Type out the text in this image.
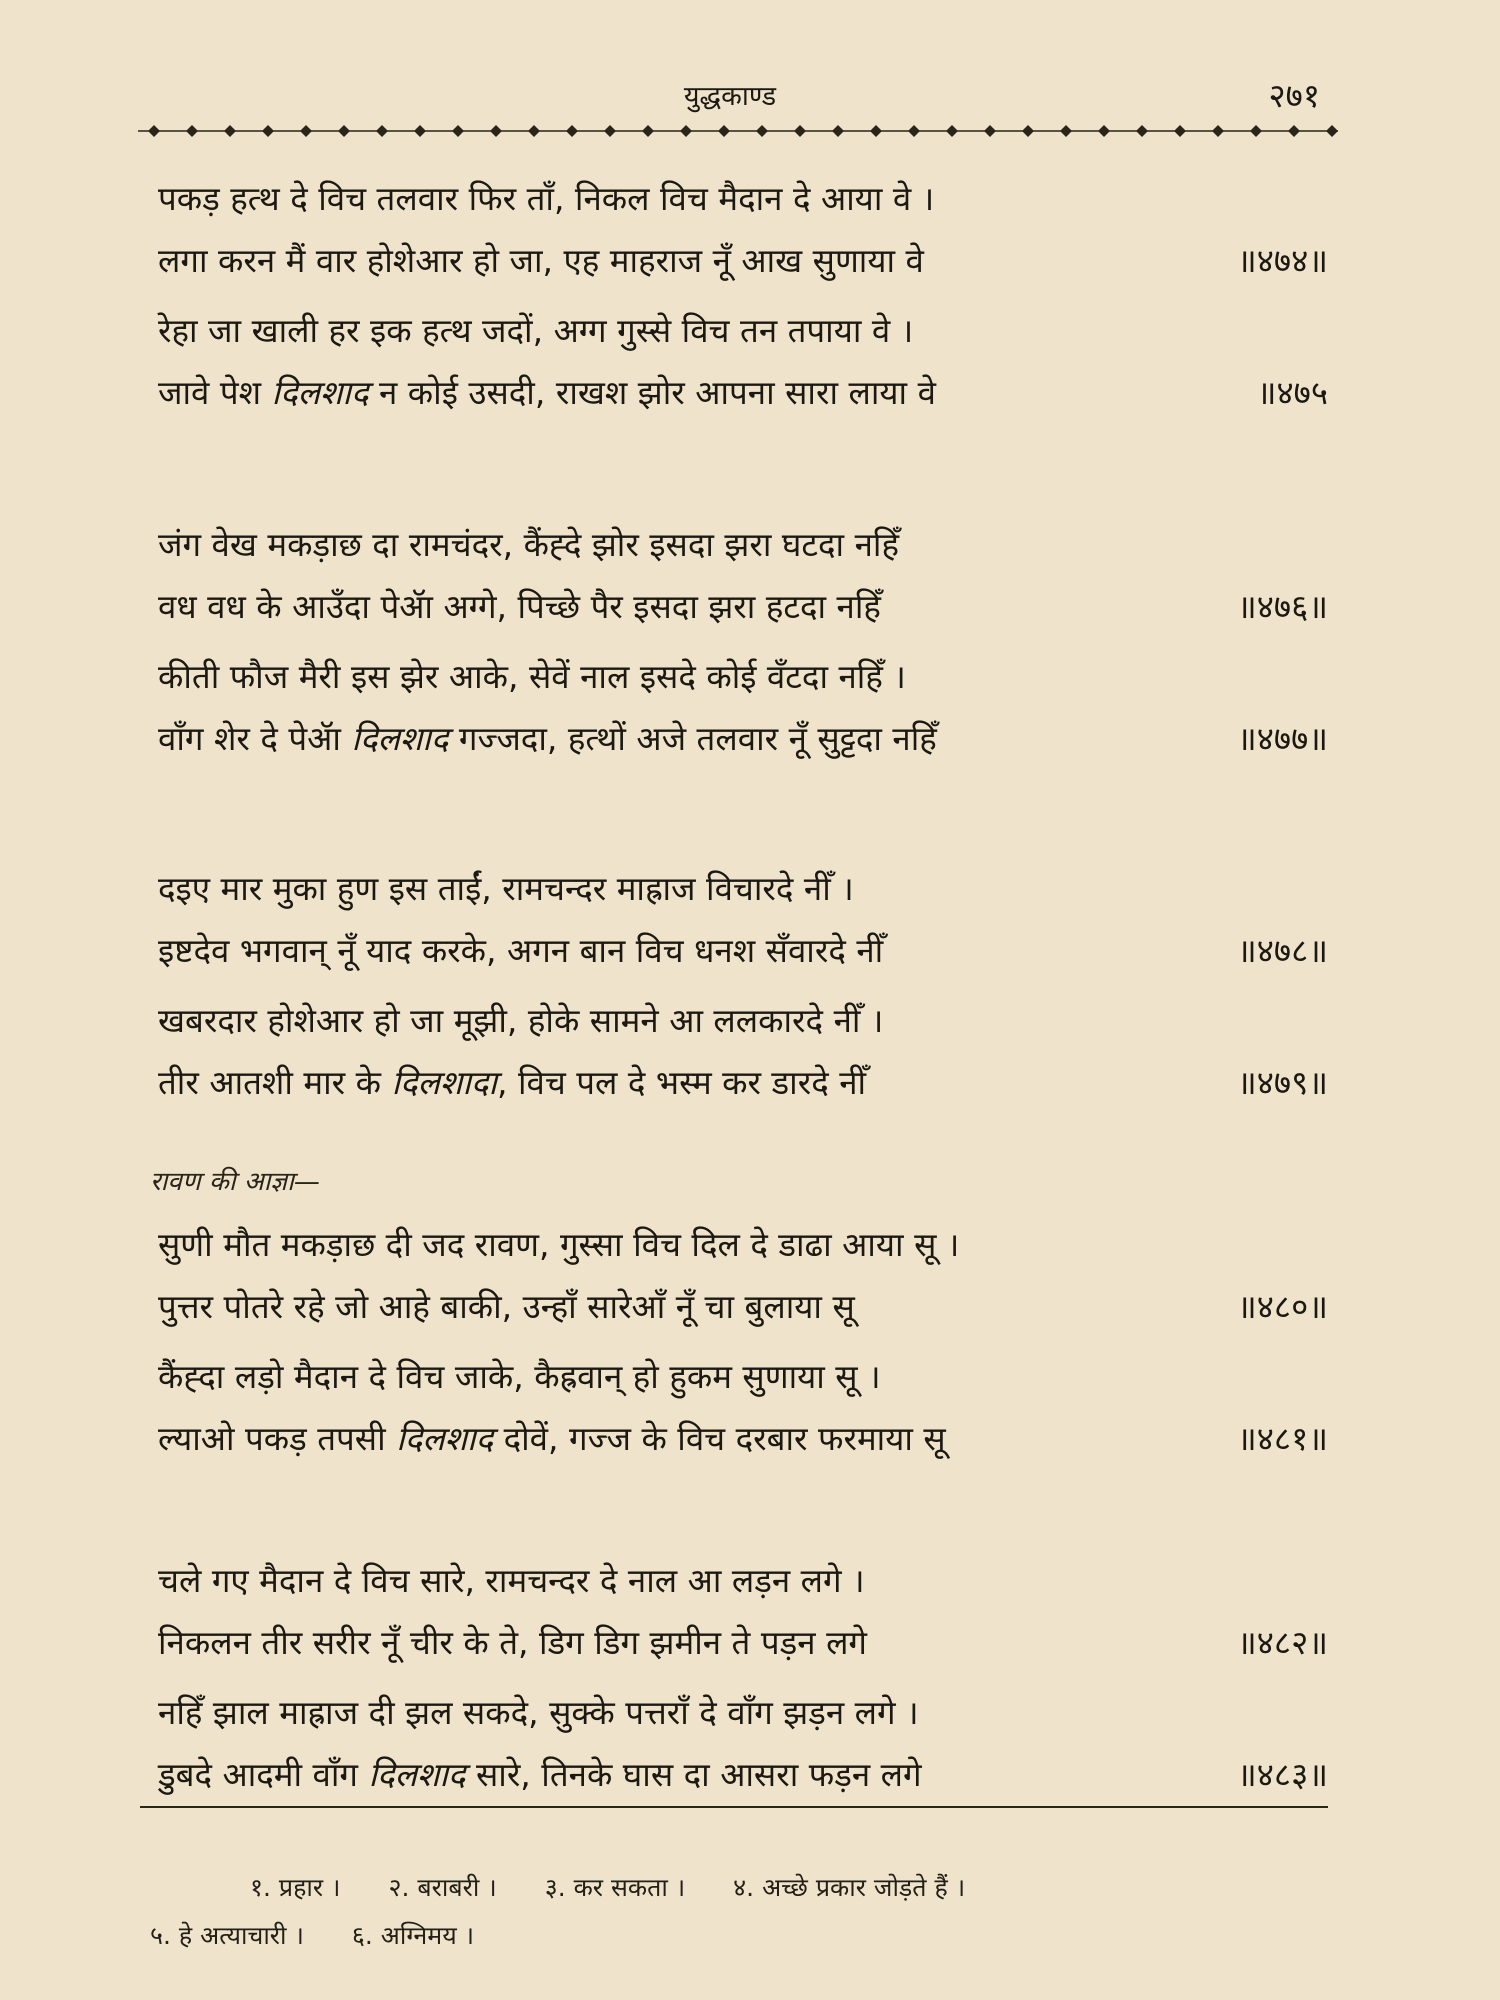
युद्धकाण्ड	२७१
पकड़ हत्थ दे विच तलवार फिर ताँ, निकल विच मैदान दे आया वे ।
लगा करन मैं वार होशेआर हो जा, एह माहराज नूँ आख सुणाया वे	॥४७४॥
रेहा जा खाली हर इक हत्थ जदों, अग्ग गुस्से विच तन तपाया वे ।
जावे पेश दिलशाद न कोई उसदी, राखश झोर आपना सारा लाया वे	॥४७५
जंग वेख मकड़ाछ दा रामचंदर, कैंह्दे झोर इसदा झरा घटदा नहिँ
वध वध के आउँदा पेॲा अग्गे, पिच्छे पैर इसदा झरा हटदा नहिँ	॥४७६॥
कीती फौज मैरी इस झेर आके, सेवें नाल इसदे कोई वँटदा नहिँ ।
वाँग शेर दे पेॲा दिलशाद गज्जदा, हत्थों अजे तलवार नूँ सुट्टदा नहिँ	॥४७७॥
दइए मार मुका हुण इस ताईं, रामचन्दर माह्राज विचारदे नीँ ।
इष्टदेव भगवान् नूँ याद करके, अगन बान विच धनश सँवारदे नीँ	॥४७८॥
खबरदार होशेआर हो जा मूझी, होके सामने आ ललकारदे नीँ ।
तीर आतशी मार के दिलशादा, विच पल दे भस्म कर डारदे नीँ	॥४७९॥
सुणी मौत मकड़ाछ दी जद रावण, गुस्सा विच दिल दे डाढा आया सू ।
पुत्तर पोतरे रहे जो आहे बाकी, उन्हाँ सारेआँ नूँ चा बुलाया सू	॥४८०॥
कैंह्दा लड़ो मैदान दे विच जाके, कैह्रवान् हो हुकम सुणाया सू ।
ल्याओ पकड़ तपसी दिलशाद दोवें, गज्ज के विच दरबार फरमाया सू	॥४८१॥
चले गए मैदान दे विच सारे, रामचन्दर दे नाल आ लड़न लगे ।
निकलन तीर सरीर नूँ चीर के ते, डिग डिग झमीन ते पड़न लगे	॥४८२॥
नहिँ झाल माह्राज दी झल सकदे, सुक्के पत्तराँ दे वाँग झड़न लगे ।
डुबदे आदमी वाँग दिलशाद सारे, तिनके घास दा आसरा फड़न लगे	॥४८३॥
रावण की आज्ञा—
१. प्रहार । २. बराबरी । ३. कर सकता । ४. अच्छे प्रकार जोड़ते हैं ।
५. हे अत्याचारी । ६. अग्निमय ।
